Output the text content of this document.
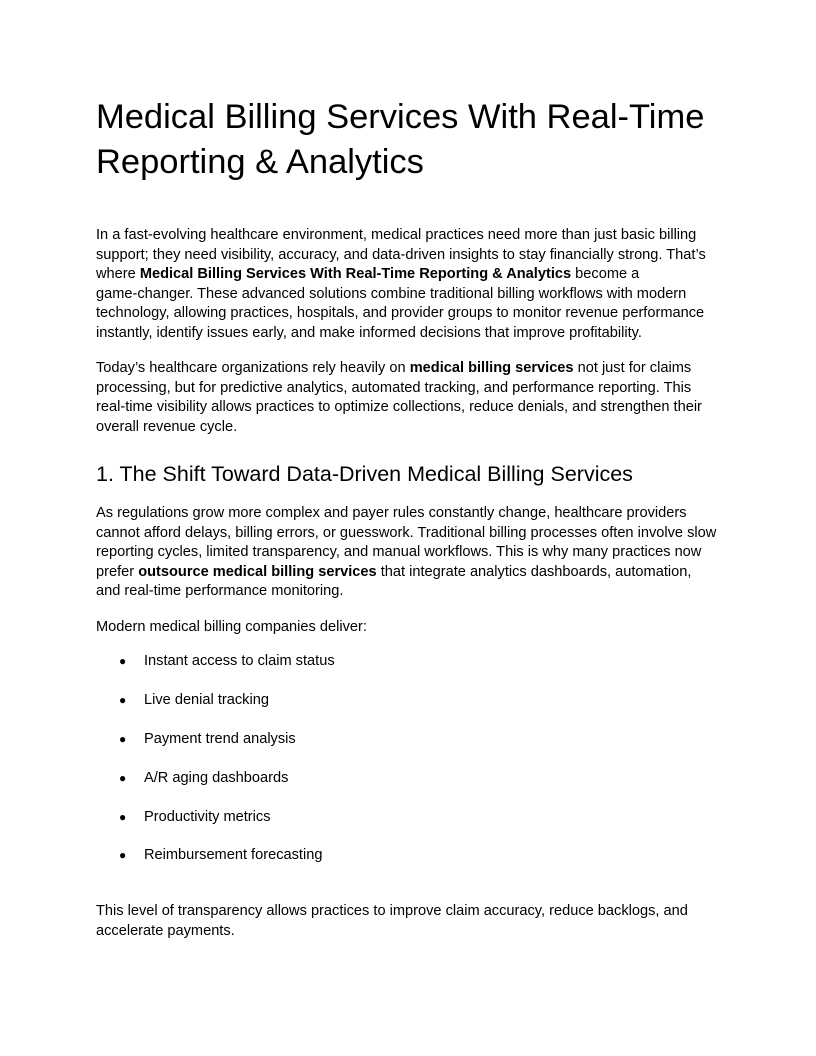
Medical Billing Services With Real-Time
Reporting & Analytics

In a fast-evolving healthcare environment, medical practices need more than just basic billing
support; they need visibility, accuracy, and data-driven insights to stay financially strong. That’s
where Medical Billing Services With Real-Time Reporting & Analytics become a
game-changer. These advanced solutions combine traditional billing workflows with modern
technology, allowing practices, hospitals, and provider groups to monitor revenue performance
instantly, identify issues early, and make informed decisions that improve profitability.

Today’s healthcare organizations rely heavily on medical billing services not just for claims
processing, but for predictive analytics, automated tracking, and performance reporting. This
real-time visibility allows practices to optimize collections, reduce denials, and strengthen their
overall revenue cycle.

1. The Shift Toward Data-Driven Medical Billing Services

As regulations grow more complex and payer rules constantly change, healthcare providers
cannot afford delays, billing errors, or guesswork. Traditional billing processes often involve slow
reporting cycles, limited transparency, and manual workflows. This is why many practices now
prefer outsource medical billing services that integrate analytics dashboards, automation,
and real-time performance monitoring.

Modern medical billing companies deliver:

● Instant access to claim status
● Live denial tracking
● Payment trend analysis
● A/R aging dashboards
● Productivity metrics
● Reimbursement forecasting

This level of transparency allows practices to improve claim accuracy, reduce backlogs, and
accelerate payments.
